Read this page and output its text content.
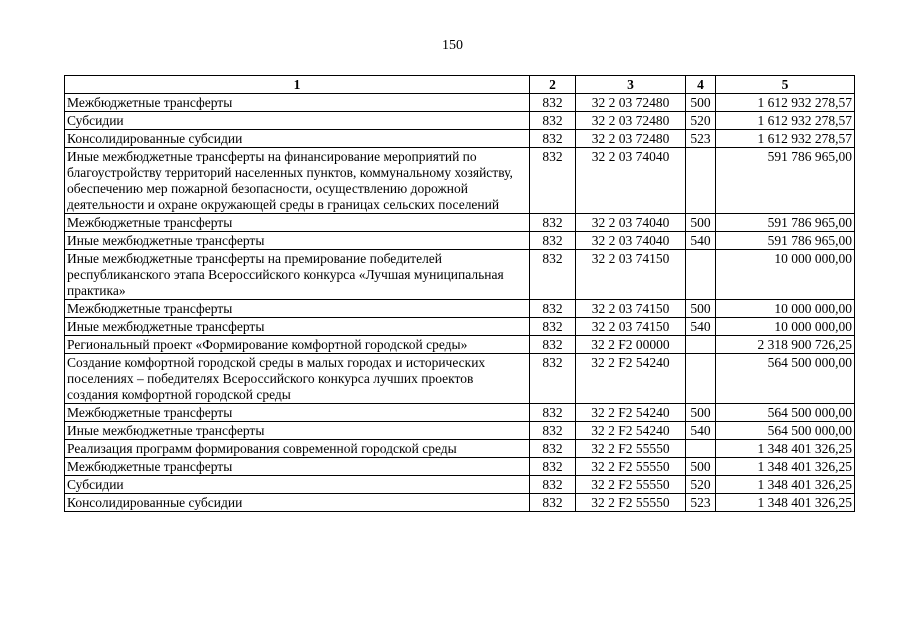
150
1	2	3	4	5
Межбюджетные трансферты	832	32 2 03 72480	500	1 612 932 278,57
Субсидии	832	32 2 03 72480	520	1 612 932 278,57
Консолидированные субсидии	832	32 2 03 72480	523	1 612 932 278,57
Иные межбюджетные трансферты на финансирование мероприятий по благоустройству территорий населенных пунктов, коммунальному хозяйству, обеспечению мер пожарной безопасности, осуществлению дорожной деятельности и охране окружающей среды в границах сельских поселений	832	32 2 03 74040		591 786 965,00
Межбюджетные трансферты	832	32 2 03 74040	500	591 786 965,00
Иные межбюджетные трансферты	832	32 2 03 74040	540	591 786 965,00
Иные межбюджетные трансферты на премирование победителей республиканского этапа Всероссийского конкурса «Лучшая муниципальная практика»	832	32 2 03 74150		10 000 000,00
Межбюджетные трансферты	832	32 2 03 74150	500	10 000 000,00
Иные межбюджетные трансферты	832	32 2 03 74150	540	10 000 000,00
Региональный проект «Формирование комфортной городской среды»	832	32 2 F2 00000		2 318 900 726,25
Создание комфортной городской среды в малых городах и исторических поселениях – победителях Всероссийского конкурса лучших проектов создания комфортной городской среды	832	32 2 F2 54240		564 500 000,00
Межбюджетные трансферты	832	32 2 F2 54240	500	564 500 000,00
Иные межбюджетные трансферты	832	32 2 F2 54240	540	564 500 000,00
Реализация программ формирования современной городской среды	832	32 2 F2 55550		1 348 401 326,25
Межбюджетные трансферты	832	32 2 F2 55550	500	1 348 401 326,25
Субсидии	832	32 2 F2 55550	520	1 348 401 326,25
Консолидированные субсидии	832	32 2 F2 55550	523	1 348 401 326,25
